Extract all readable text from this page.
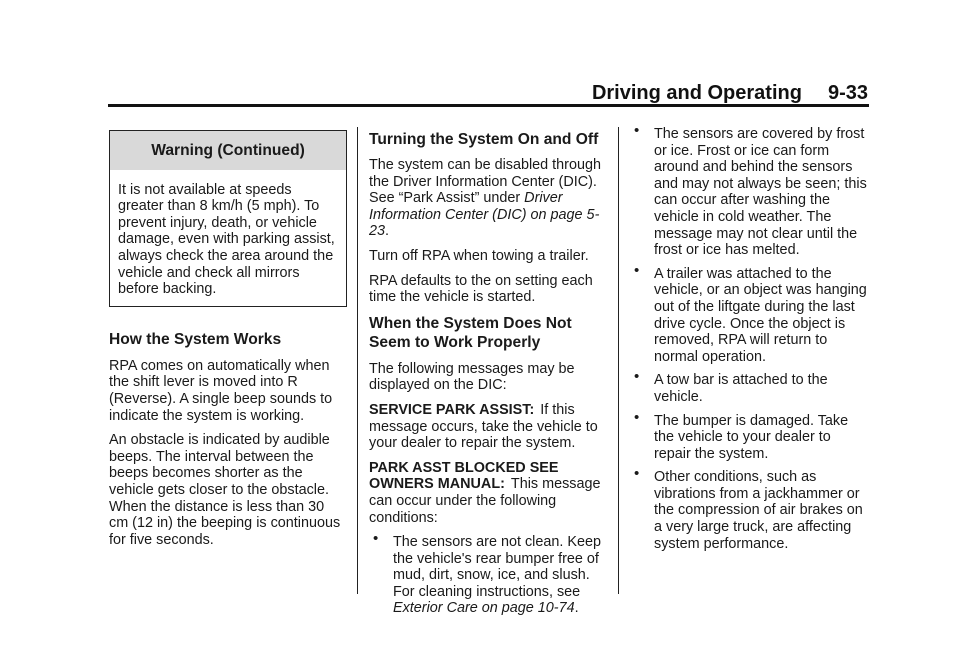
Driving and Operating 9-33
Warning (Continued)

It is not available at speeds greater than 8 km/h (5 mph). To prevent injury, death, or vehicle damage, even with parking assist, always check the area around the vehicle and check all mirrors before backing.

How the System Works

RPA comes on automatically when the shift lever is moved into R (Reverse). A single beep sounds to indicate the system is working.

An obstacle is indicated by audible beeps. The interval between the beeps becomes shorter as the vehicle gets closer to the obstacle. When the distance is less than 30 cm (12 in) the beeping is continuous for five seconds.

Turning the System On and Off

The system can be disabled through the Driver Information Center (DIC). See “Park Assist” under Driver Information Center (DIC) on page 5-23.

Turn off RPA when towing a trailer.

RPA defaults to the on setting each time the vehicle is started.

When the System Does Not Seem to Work Properly

The following messages may be displayed on the DIC:

SERVICE PARK ASSIST: If this message occurs, take the vehicle to your dealer to repair the system.

PARK ASST BLOCKED SEE OWNERS MANUAL: This message can occur under the following conditions:

• The sensors are not clean. Keep the vehicle's rear bumper free of mud, dirt, snow, ice, and slush. For cleaning instructions, see Exterior Care on page 10-74.
• The sensors are covered by frost or ice. Frost or ice can form around and behind the sensors and may not always be seen; this can occur after washing the vehicle in cold weather. The message may not clear until the frost or ice has melted.
• A trailer was attached to the vehicle, or an object was hanging out of the liftgate during the last drive cycle. Once the object is removed, RPA will return to normal operation.
• A tow bar is attached to the vehicle.
• The bumper is damaged. Take the vehicle to your dealer to repair the system.
• Other conditions, such as vibrations from a jackhammer or the compression of air brakes on a very large truck, are affecting system performance.
